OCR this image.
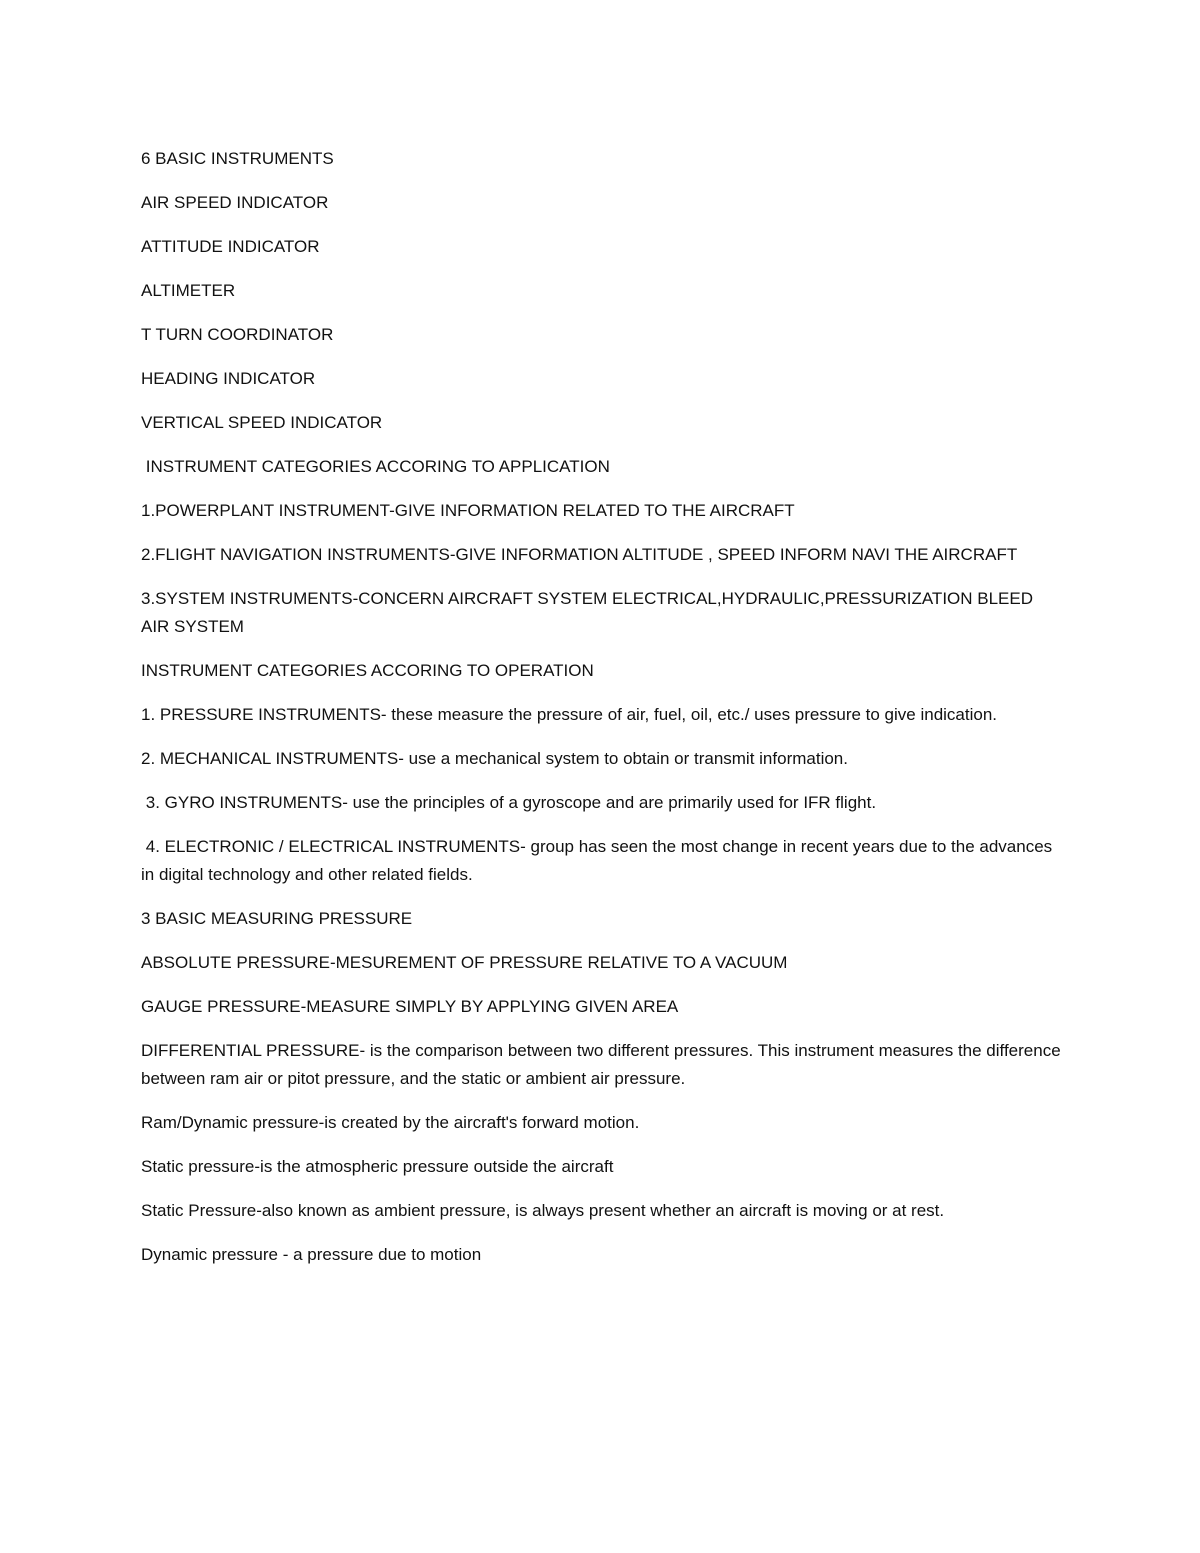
6 BASIC INSTRUMENTS

AIR SPEED INDICATOR

ATTITUDE INDICATOR

ALTIMETER

T TURN COORDINATOR

HEADING INDICATOR

VERTICAL SPEED INDICATOR

INSTRUMENT CATEGORIES ACCORING TO APPLICATION

1.POWERPLANT INSTRUMENT-GIVE INFORMATION RELATED TO THE AIRCRAFT

2.FLIGHT NAVIGATION INSTRUMENTS-GIVE INFORMATION ALTITUDE , SPEED INFORM NAVI THE AIRCRAFT

3.SYSTEM INSTRUMENTS-CONCERN AIRCRAFT SYSTEM ELECTRICAL,HYDRAULIC,PRESSURIZATION BLEED AIR SYSTEM

INSTRUMENT CATEGORIES ACCORING TO OPERATION

1. PRESSURE INSTRUMENTS- these measure the pressure of air, fuel, oil, etc./ uses pressure to give indication.

2. MECHANICAL INSTRUMENTS- use a mechanical system to obtain or transmit information.

3. GYRO INSTRUMENTS- use the principles of a gyroscope and are primarily used for IFR flight.

4. ELECTRONIC / ELECTRICAL INSTRUMENTS- group has seen the most change in recent years due to the advances in digital technology and other related fields.

3 BASIC MEASURING PRESSURE

ABSOLUTE PRESSURE-MESUREMENT OF PRESSURE RELATIVE TO A VACUUM

GAUGE PRESSURE-MEASURE SIMPLY BY APPLYING GIVEN AREA

DIFFERENTIAL PRESSURE- is the comparison between two different pressures. This instrument measures the difference between ram air or pitot pressure, and the static or ambient air pressure.

Ram/Dynamic pressure-is created by the aircraft's forward motion.

Static pressure-is the atmospheric pressure outside the aircraft

Static Pressure-also known as ambient pressure, is always present whether an aircraft is moving or at rest.

Dynamic pressure - a pressure due to motion
